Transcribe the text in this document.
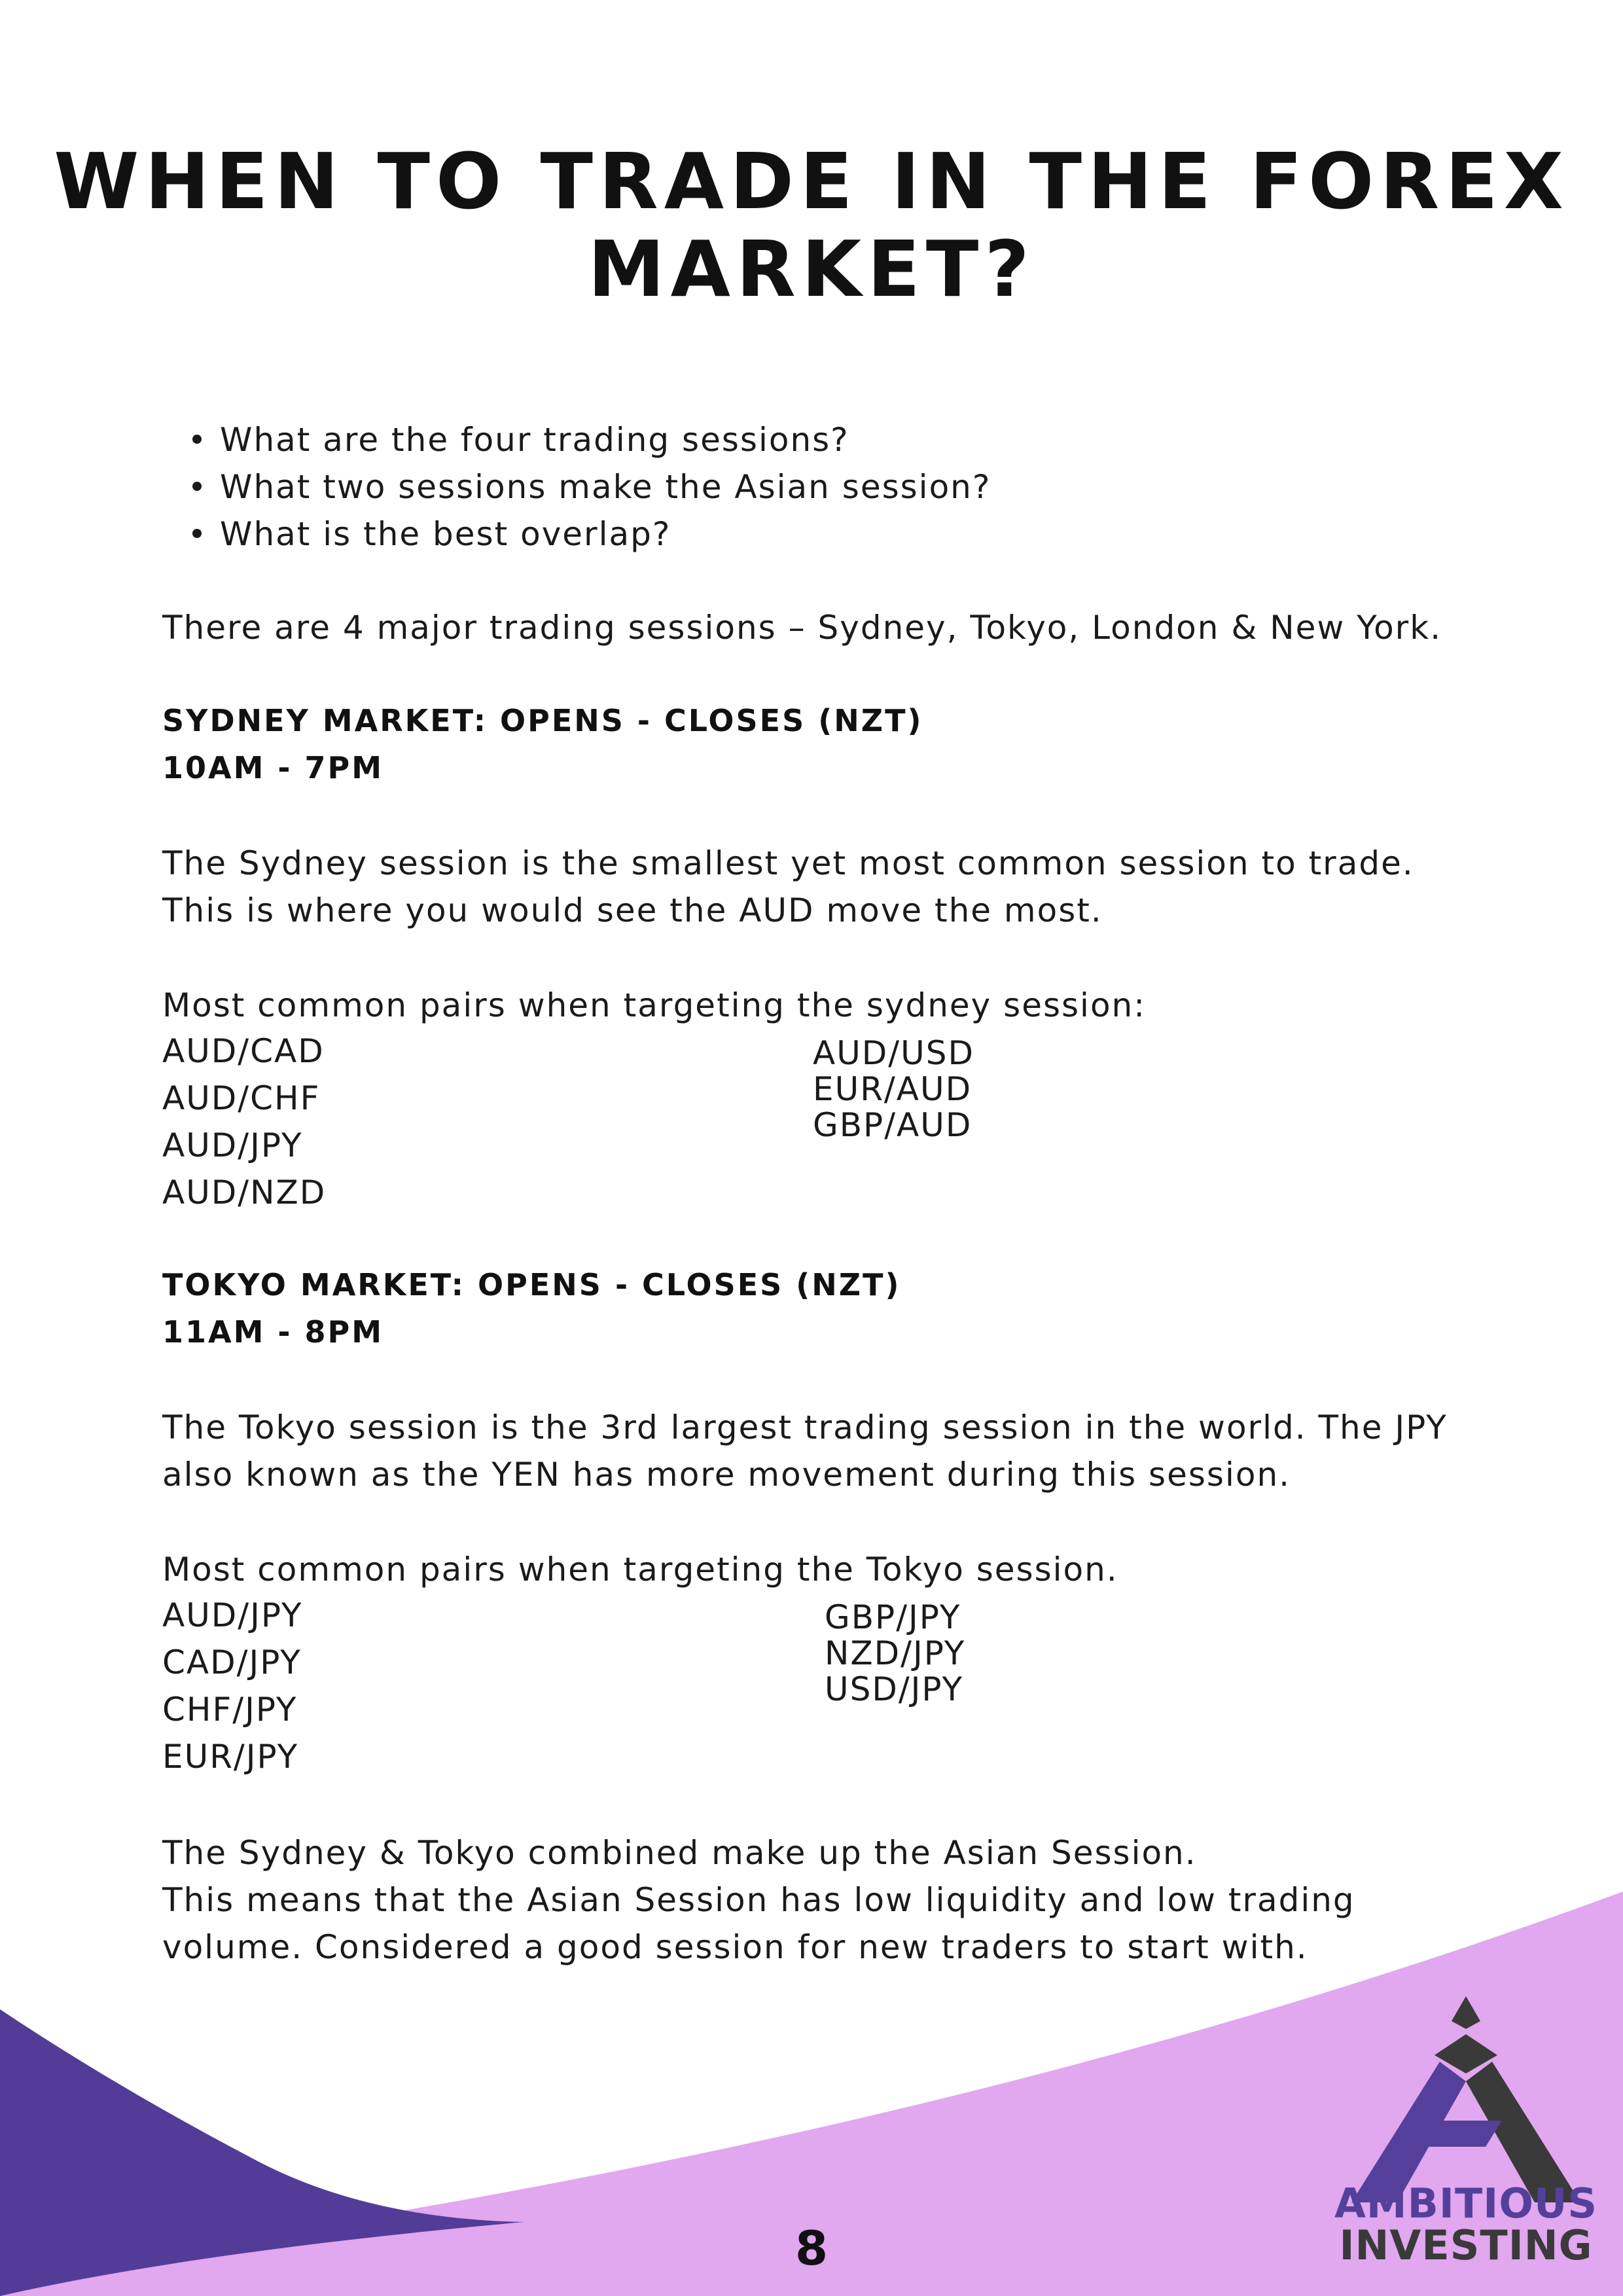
WHEN TO TRADE IN THE FOREX
MARKET?
What are the four trading sessions?
What two sessions make the Asian session?
What is the best overlap?

There are 4 major trading sessions – Sydney, Tokyo, London & New York.

SYDNEY MARKET: OPENS - CLOSES (NZT)

10AM - 7PM

The Sydney session is the smallest yet most common session to trade.

This is where you would see the AUD move the most.

Most common pairs when targeting the sydney session:

AUD/CAD
AUD/CHF
AUD/JPY
AUD/NZD
AUD/USD
EUR/AUD
GBP/AUD

TOKYO MARKET: OPENS - CLOSES (NZT)

11AM - 8PM

The Tokyo session is the 3rd largest trading session in the world. The JPY

also known as the YEN has more movement during this session.

Most common pairs when targeting the Tokyo session.

AUD/JPY
CAD/JPY
CHF/JPY
EUR/JPY
GBP/JPY
NZD/JPY
USD/JPY

The Sydney & Tokyo combined make up the Asian Session.

This means that the Asian Session has low liquidity and low trading

volume. Considered a good session for new traders to start with.

8
AMBITIOUS
INVESTING
